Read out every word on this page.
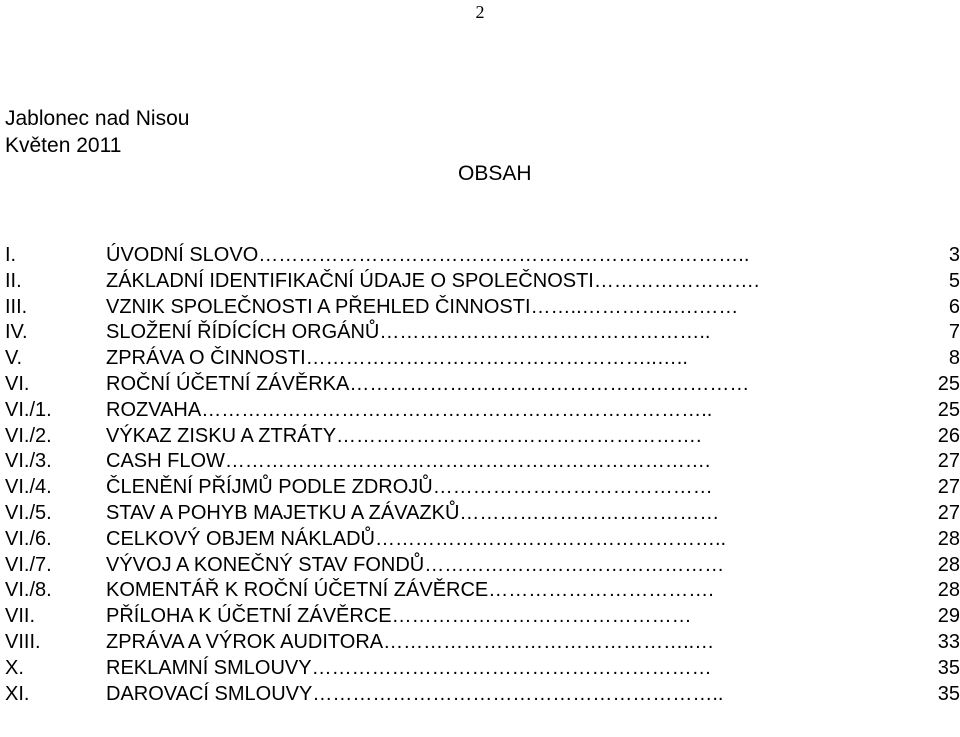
2
Jablonec nad Nisou
Květen 2011
OBSAH
I.	ÚVODNÍ SLOVO………………………………………………………………..	3
II.	ZÁKLADNÍ IDENTIFIKAČNÍ ÚDAJE O SPOLEČNOSTI…………………….	5
III.	VZNIK SPOLEČNOSTI A PŘEHLED ČINNOSTI……..…………..….……	6
IV.	SLOŽENÍ ŘÍDÍCÍCH ORGÁNŮ…………………………………………..	7
V.	ZPRÁVA O ČINNOSTI……………………………………………..…..	8
VI.	ROČNÍ ÚČETNÍ ZÁVĚRKA……………………………………………………	25
VI./1.	ROZVAHA…………………………………………………………………..	25
VI./2.	VÝKAZ ZISKU A ZTRÁTY……………………………………………….	26
VI./3.	CASH FLOW……………………………………………………………….	27
VI./4.	ČLENĚNÍ PŘÍJMŮ PODLE ZDROJŮ……………………………………	27
VI./5.	STAV A POHYB MAJETKU A ZÁVAZKŮ…………………………………	27
VI./6.	CELKOVÝ OBJEM NÁKLADŮ……………………………………………..	28
VI./7.	VÝVOJ A KONEČNÝ STAV FONDŮ………………………………………	28
VI./8.	KOMENTÁŘ K ROČNÍ ÚČETNÍ ZÁVĚRCE…………………………….	28
VII.	PŘÍLOHA K ÚČETNÍ ZÁVĚRCE………………………………………	29
VIII.	ZPRÁVA A VÝROK AUDITORA………………………………………..…	33
X.	REKLAMNÍ SMLOUVY……………………………………………………	35
XI.	DAROVACÍ SMLOUVY……………………………………………………..	35
